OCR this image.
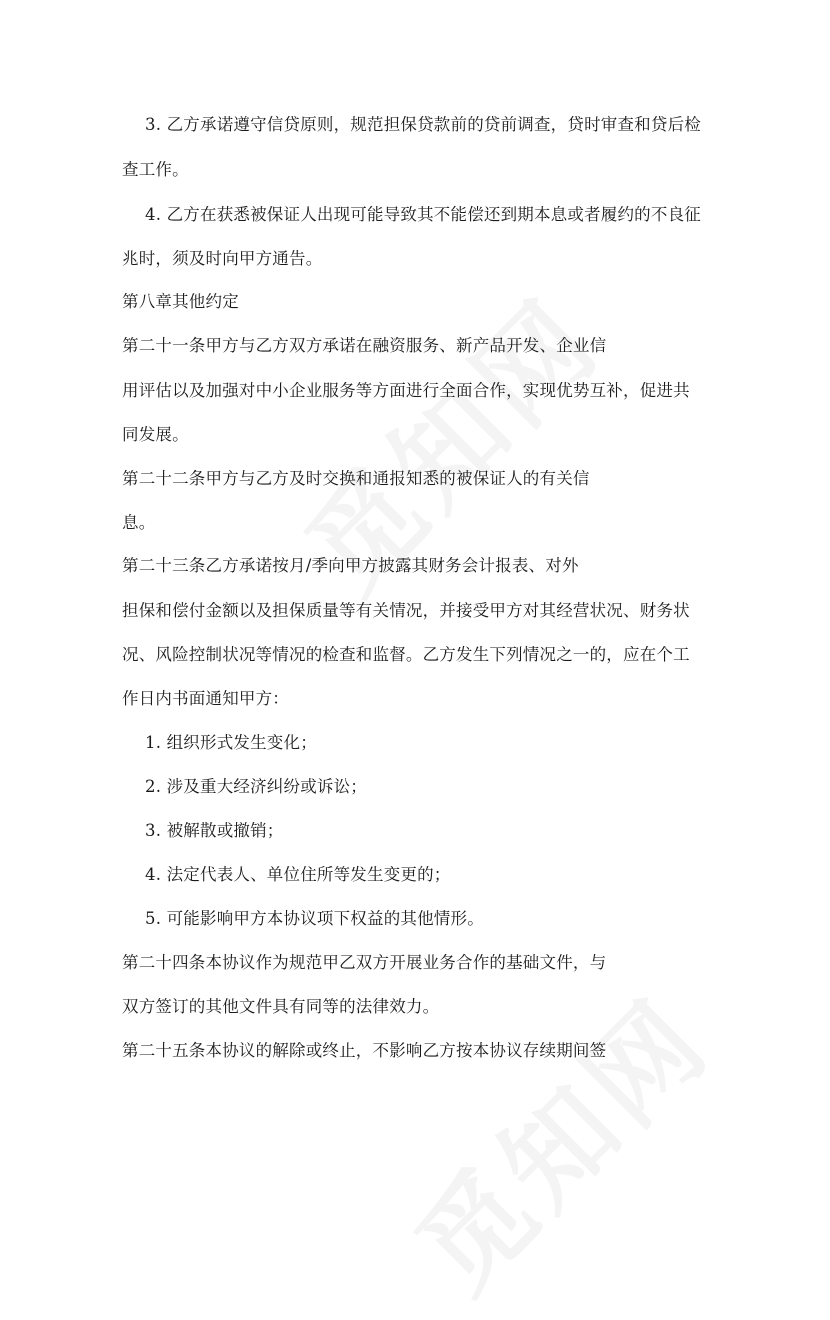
3. 乙方承诺遵守信贷原则，规范担保贷款前的贷前调查，贷时审查和贷后检

查工作。

4. 乙方在获悉被保证人出现可能导致其不能偿还到期本息或者履约的不良征

兆时，须及时向甲方通告。

第八章其他约定

第二十一条甲方与乙方双方承诺在融资服务、新产品开发、企业信

用评估以及加强对中小企业服务等方面进行全面合作，实现优势互补，促进共

同发展。

第二十二条甲方与乙方及时交换和通报知悉的被保证人的有关信

息。

第二十三条乙方承诺按月/季向甲方披露其财务会计报表、对外

担保和偿付金额以及担保质量等有关情况，并接受甲方对其经营状况、财务状

况、风险控制状况等情况的检查和监督。乙方发生下列情况之一的，应在个工

作日内书面通知甲方：

1. 组织形式发生变化；

2. 涉及重大经济纠纷或诉讼；

3. 被解散或撤销；

4. 法定代表人、单位住所等发生变更的；

5. 可能影响甲方本协议项下权益的其他情形。

第二十四条本协议作为规范甲乙双方开展业务合作的基础文件，与

双方签订的其他文件具有同等的法律效力。

第二十五条本协议的解除或终止，不影响乙方按本协议存续期间签
